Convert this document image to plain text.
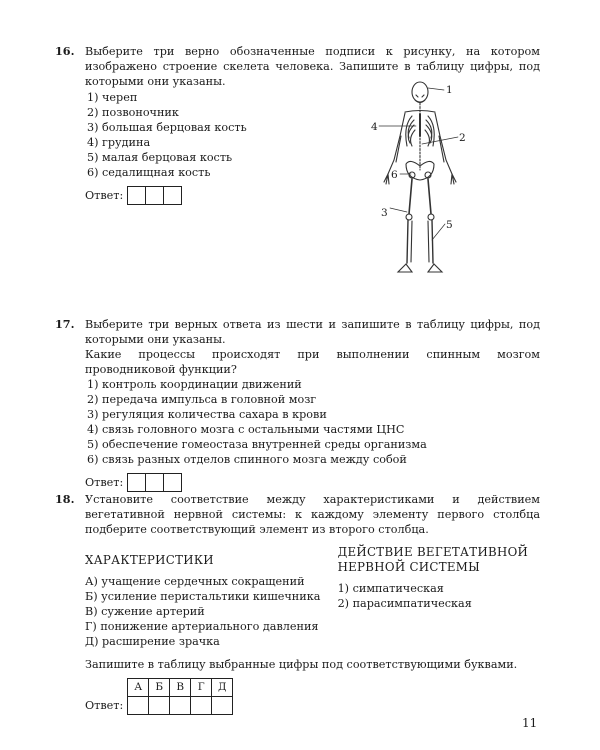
16. Выберите три верно обозначенные подписи к рисунку, на котором изображено строение скелета человека. Запишите в таблицу цифры, под которыми они указаны.
1) череп
2) позвоночник
3) большая берцовая кость
4) грудина
5) малая берцовая кость
6) седалищная кость
Ответ:
1
2
3
4
5
6
17. Выберите три верных ответа из шести и запишите в таблицу цифры, под которыми они указаны.
Какие процессы происходят при выполнении спинным мозгом проводниковой функции?
1) контроль координации движений
2) передача импульса в головной мозг
3) регуляция количества сахара в крови
4) связь головного мозга с остальными частями ЦНС
5) обеспечение гомеостаза внутренней среды организма
6) связь разных отделов спинного мозга между собой
Ответ:
18. Установите соответствие между характеристиками и действием вегетативной нервной системы: к каждому элементу первого столбца подберите соответствующий элемент из второго столбца.
ХАРАКТЕРИСТИКИ
А) учащение сердечных сокращений
Б) усиление перистальтики кишечника
В) сужение артерий
Г) понижение артериального давления
Д) расширение зрачка
ДЕЙСТВИЕ ВЕГЕТАТИВНОЙ
НЕРВНОЙ СИСТЕМЫ
1) симпатическая
2) парасимпатическая
Запишите в таблицу выбранные цифры под соответствующими буквами.
Ответ:
А	Б	В	Г	Д

11
